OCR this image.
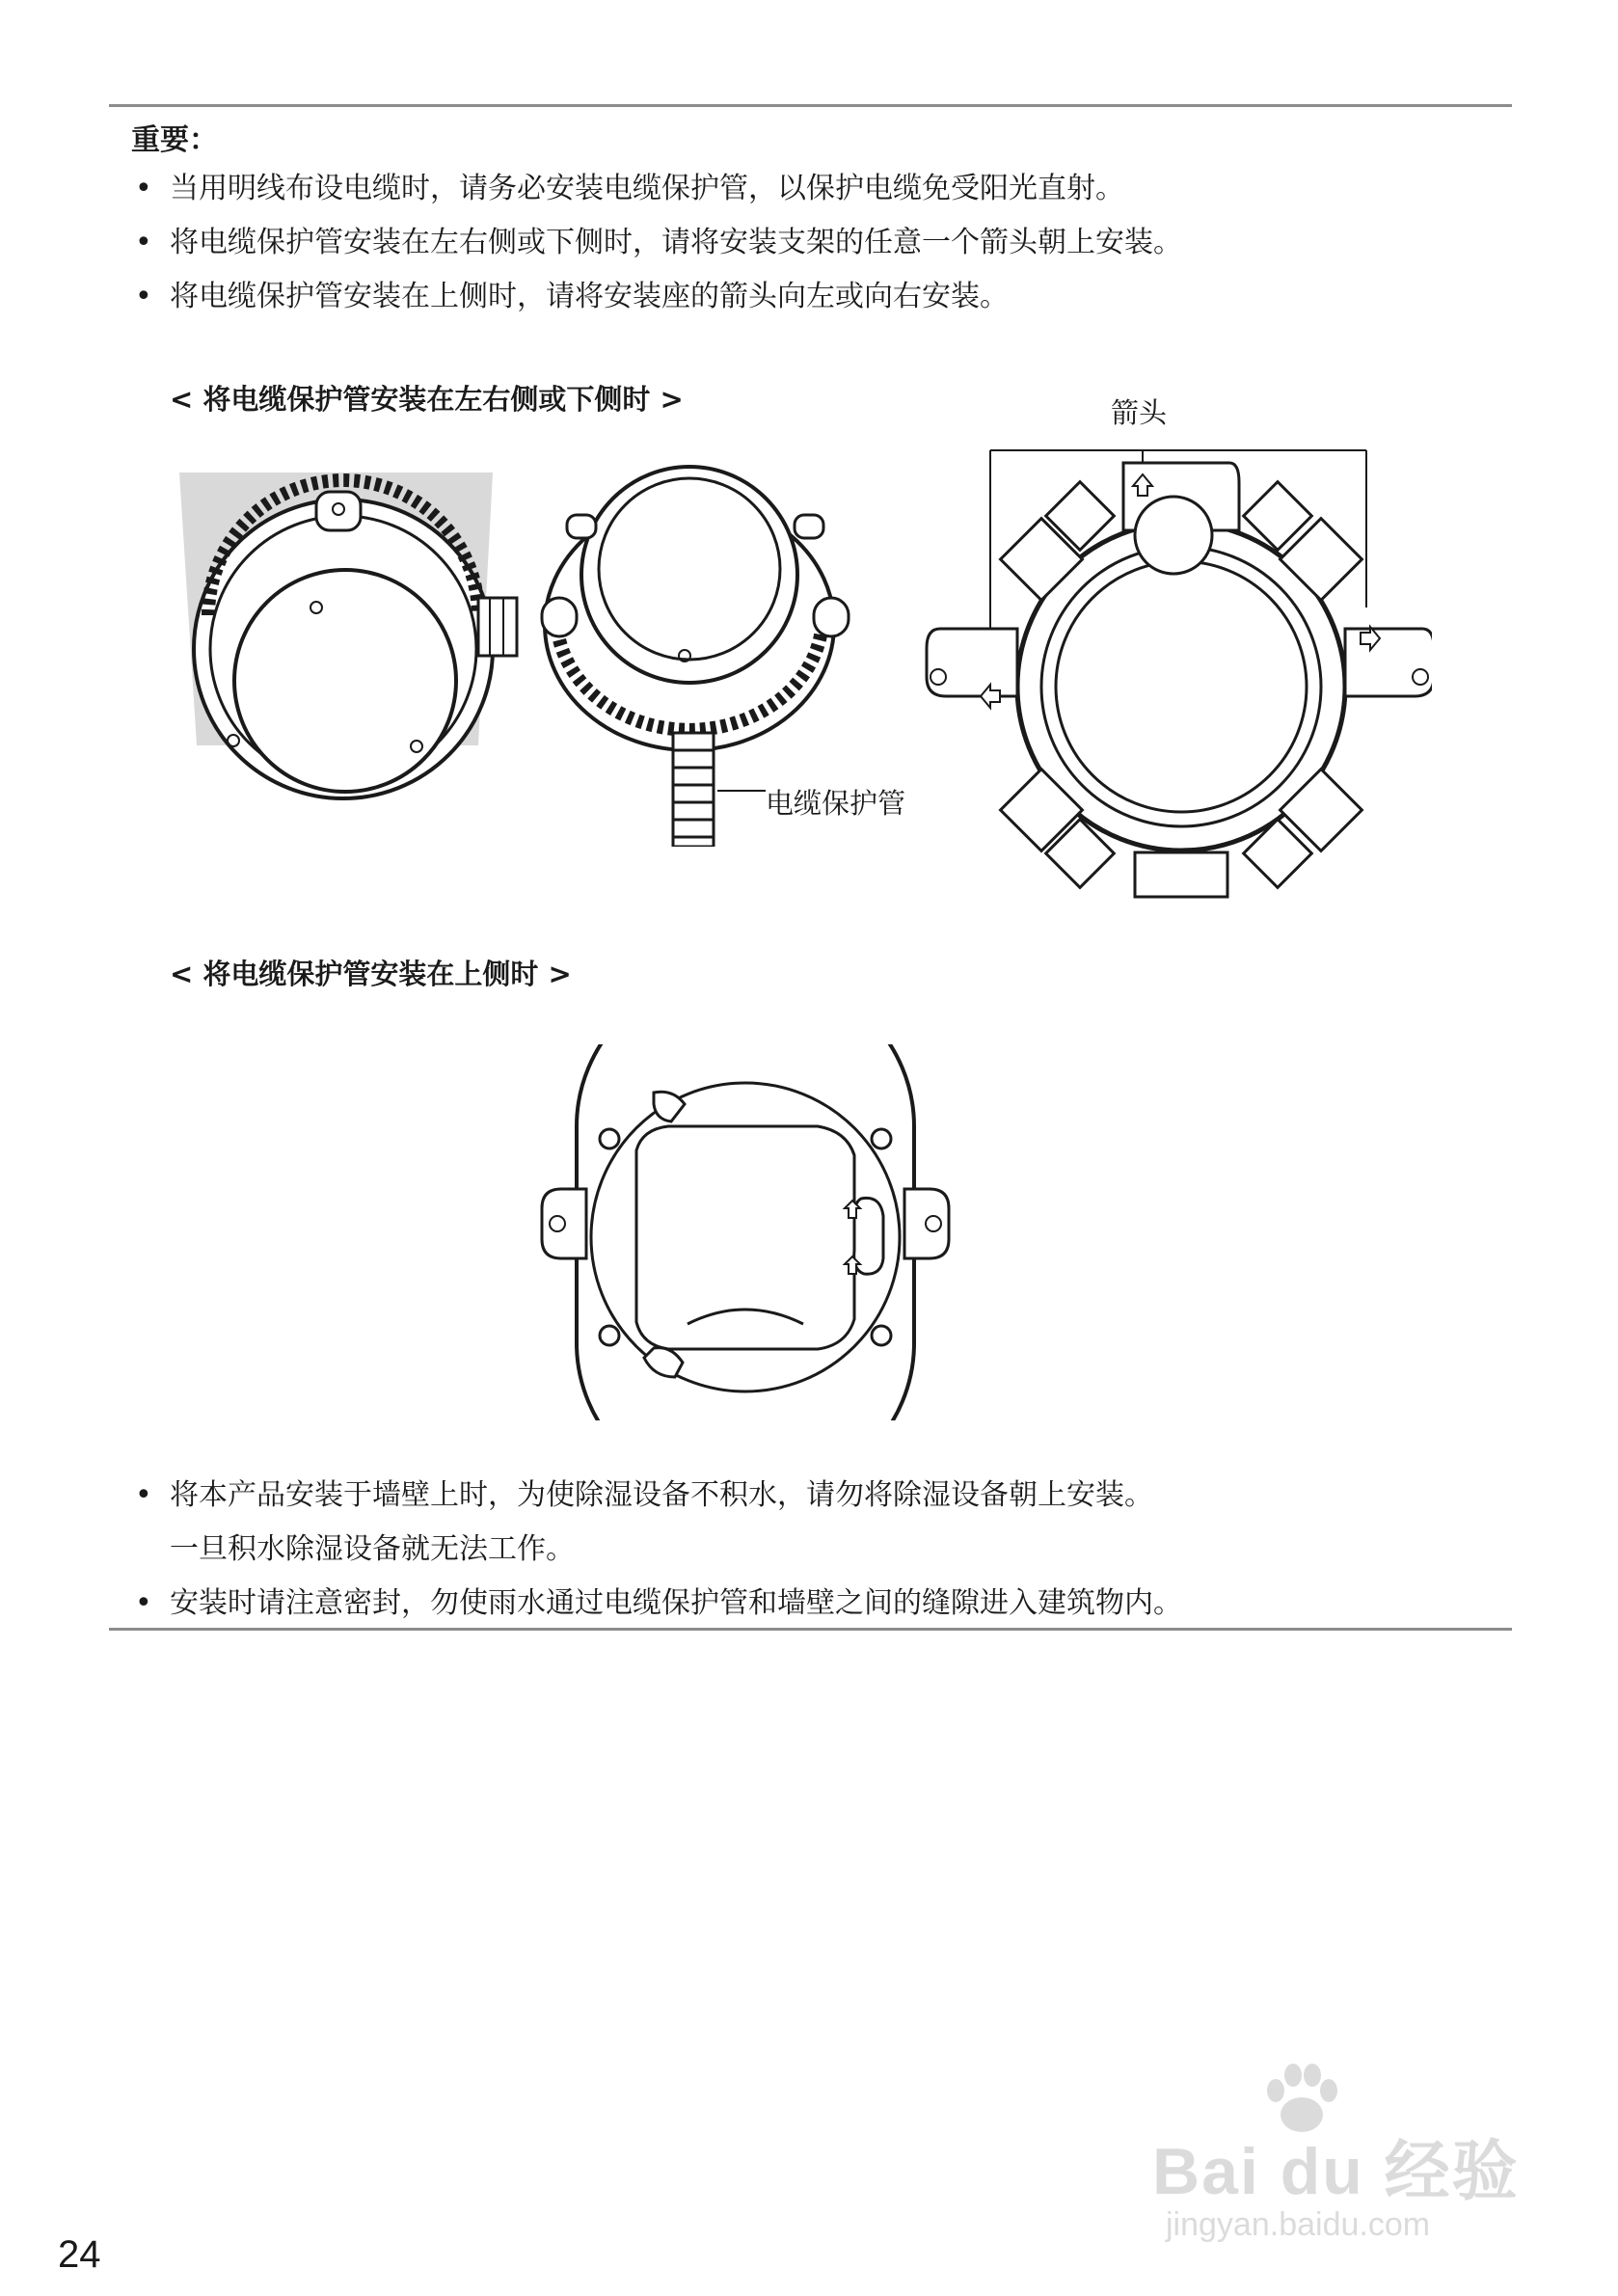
重要：
• 当用明线布设电缆时，请务必安装电缆保护管，以保护电缆免受阳光直射。
• 将电缆保护管安装在左右侧或下侧时，请将安装支架的任意一个箭头朝上安装。
• 将电缆保护管安装在上侧时，请将安装座的箭头向左或向右安装。
< 将电缆保护管安装在左右侧或下侧时 >
电缆保护管
箭头
< 将电缆保护管安装在上侧时 >
• 将本产品安装于墙壁上时，为使除湿设备不积水，请勿将除湿设备朝上安装。
一旦积水除湿设备就无法工作。
• 安装时请注意密封，勿使雨水通过电缆保护管和墙壁之间的缝隙进入建筑物内。

24

Bai du 经验
jingyan.baidu.com
